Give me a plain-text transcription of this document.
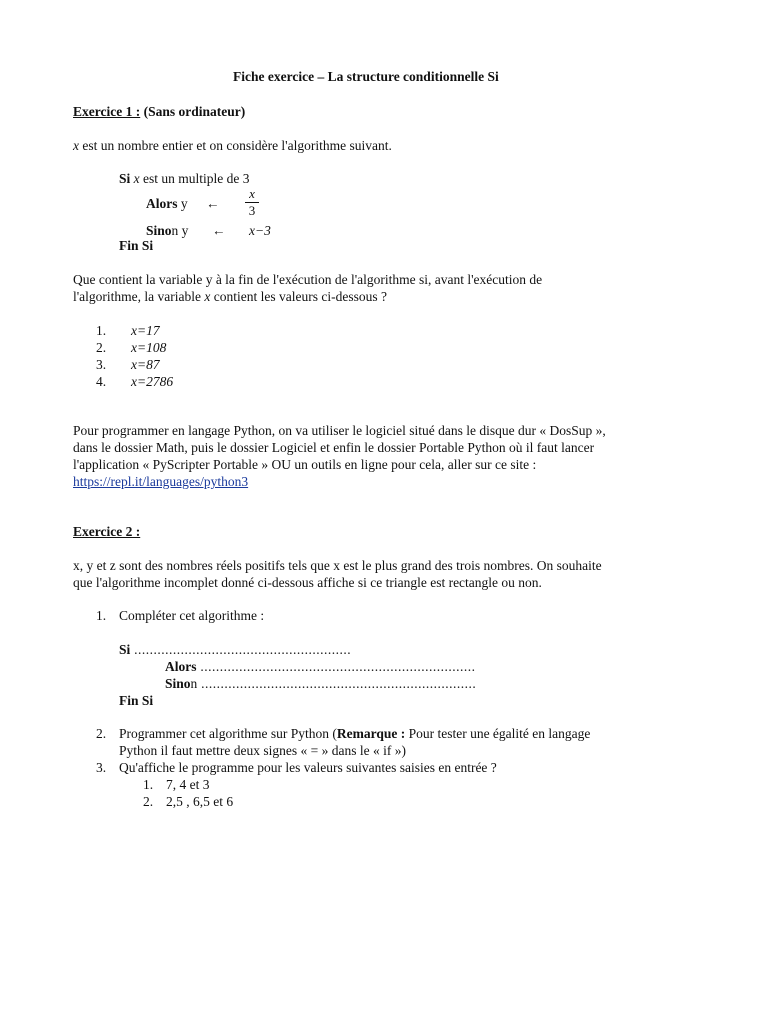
Fiche exercice – La structure conditionnelle Si
Exercice 1 : (Sans ordinateur)
x est un nombre entier et on considère l'algorithme suivant.
Si x est un multiple de 3
Alors y ←
x
3
Sinon y ← x−3
Fin Si
Que contient la variable y à la fin de l'exécution de l'algorithme si, avant l'exécution de
l'algorithme, la variable x contient les valeurs ci-dessous ?
1. x=17
2. x=108
3. x=87
4. x=2786
Pour programmer en langage Python, on va utiliser le logiciel situé dans le disque dur « DosSup »,
dans le dossier Math, puis le dossier Logiciel et enfin le dossier Portable Python où il faut lancer
l'application « PyScripter Portable » OU un outils en ligne pour cela, aller sur ce site :
https://repl.it/languages/python3
Exercice 2 :
x, y et z sont des nombres réels positifs tels que x est le plus grand des trois nombres. On souhaite
que l'algorithme incomplet donné ci-dessous affiche si ce triangle est rectangle ou non.
1. Compléter cet algorithme :
Si ........................................................
Alors .......................................................................
Sinon .......................................................................
Fin Si
2. Programmer cet algorithme sur Python (Remarque : Pour tester une égalité en langage
Python il faut mettre deux signes « = » dans le « if »)
3. Qu'affiche le programme pour les valeurs suivantes saisies en entrée ?
1. 7, 4 et 3
2. 2,5 , 6,5 et 6
